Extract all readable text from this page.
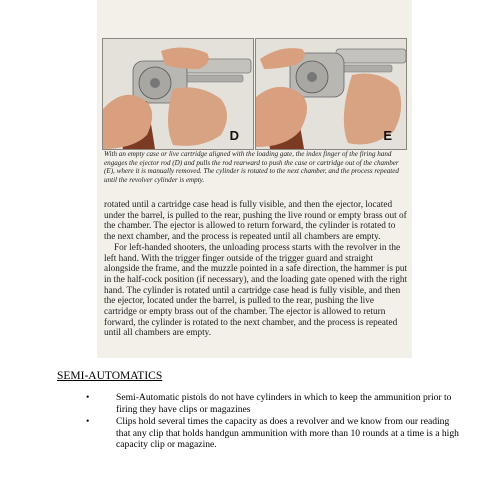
D	E
With an empty case or live cartridge aligned with the loading gate, the index finger of the firing hand engages the ejector rod (D) and pulls the rod rearward to push the case or cartridge out of the chamber (E), where it is manually removed. The cylinder is rotated to the next chamber, and the process repeated until the revolver cylinder is empty.

rotated until a cartridge case head is fully visible, and then the ejector, located under the barrel, is pulled to the rear, pushing the live round or empty brass out of the chamber. The ejector is allowed to return forward, the cylinder is rotated to the next chamber, and the process is repeated until all chambers are empty.

For left-handed shooters, the unloading process starts with the revolver in the left hand. With the trigger finger outside of the trigger guard and straight alongside the frame, and the muzzle pointed in a safe direction, the hammer is put in the half-cock position (if necessary), and the loading gate opened with the right hand. The cylinder is rotated until a cartridge case head is fully visible, and then the ejector, located under the barrel, is pulled to the rear, pushing the live cartridge or empty brass out of the chamber. The ejector is allowed to return forward, the cylinder is rotated to the next chamber, and the process is repeated until all chambers are empty.

SEMI-AUTOMATICS
•	Semi-Automatic pistols do not have cylinders in which to keep the ammunition prior to firing they have clips or magazines
•	Clips hold several times the capacity as does a revolver and we know from our reading that any clip that holds handgun ammunition with more than 10 rounds at a time is a high capacity clip or magazine.
